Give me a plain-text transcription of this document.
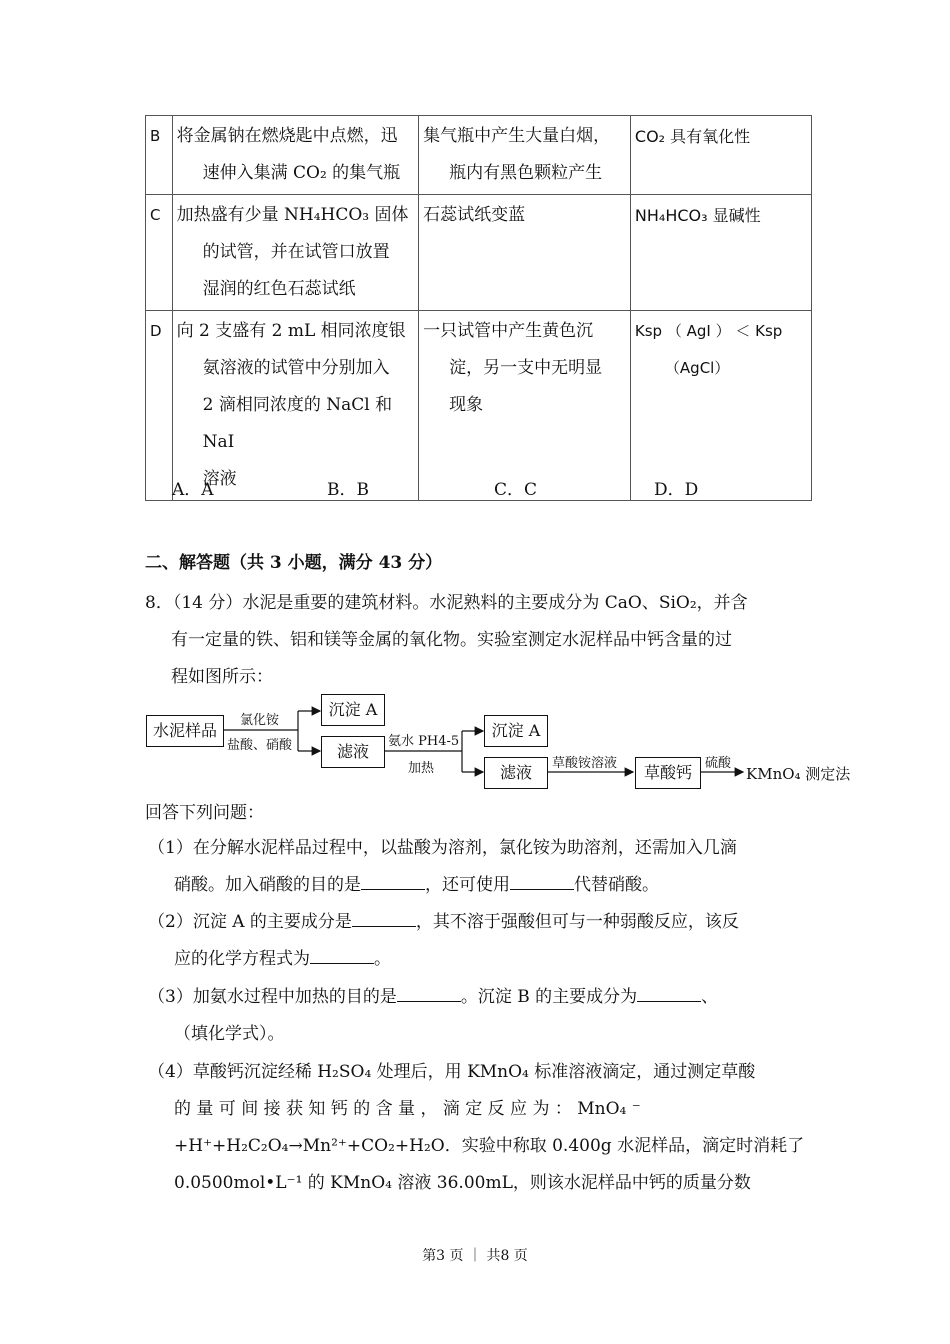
B	将金属钠在燃烧匙中点燃，迅
速伸入集满 CO₂ 的集气瓶	集气瓶中产生大量白烟，
瓶内有黑色颗粒产生	CO₂ 具有氧化性
C	加热盛有少量 NH₄HCO₃ 固体
的试管，并在试管口放置
湿润的红色石蕊试纸	石蕊试纸变蓝	NH₄HCO₃ 显碱性
D	向 2 支盛有 2 mL 相同浓度银
氨溶液的试管中分别加入
2 滴相同浓度的 NaCl 和 NaI
溶液	一只试管中产生黄色沉
淀，另一支中无明显
现象	Ksp （ AgI ） ＜ Ksp
（AgCl）
A．A	B．B	C．C	D．D
二、解答题（共 3 小题，满分 43 分）
8．（14 分）水泥是重要的建筑材料。水泥熟料的主要成分为 CaO、SiO₂，并含
有一定量的铁、铝和镁等金属的氧化物。实验室测定水泥样品中钙含量的过
程如图所示：
水泥样品
氯化铵
盐酸、硝酸
沉淀 A
滤液
氨水 PH4-5
加热
沉淀 A
滤液	草酸铵溶液	草酸钙	硫酸
KMnO₄ 测定法
回答下列问题：
（1）在分解水泥样品过程中，以盐酸为溶剂，氯化铵为助溶剂，还需加入几滴
硝酸。加入硝酸的目的是	，还可使用	代替硝酸。
（2）沉淀 A 的主要成分是	，其不溶于强酸但可与一种弱酸反应，该反
应的化学方程式为	。
（3）加氨水过程中加热的目的是	。沉淀 B 的主要成分为	、
（填化学式）。
（4）草酸钙沉淀经稀 H₂SO₄ 处理后，用 KMnO₄ 标准溶液滴定，通过测定草酸
的 量 可 间 接 获 知 钙 的 含 量 ， 滴 定 反 应 为 ： MnO₄ ⁻
+H⁺+H₂C₂O₄→Mn²⁺+CO₂+H₂O．实验中称取 0.400g 水泥样品，滴定时消耗了
0.0500mol•L⁻¹ 的 KMnO₄ 溶液 36.00mL，则该水泥样品中钙的质量分数
第3 页 ｜ 共8 页
